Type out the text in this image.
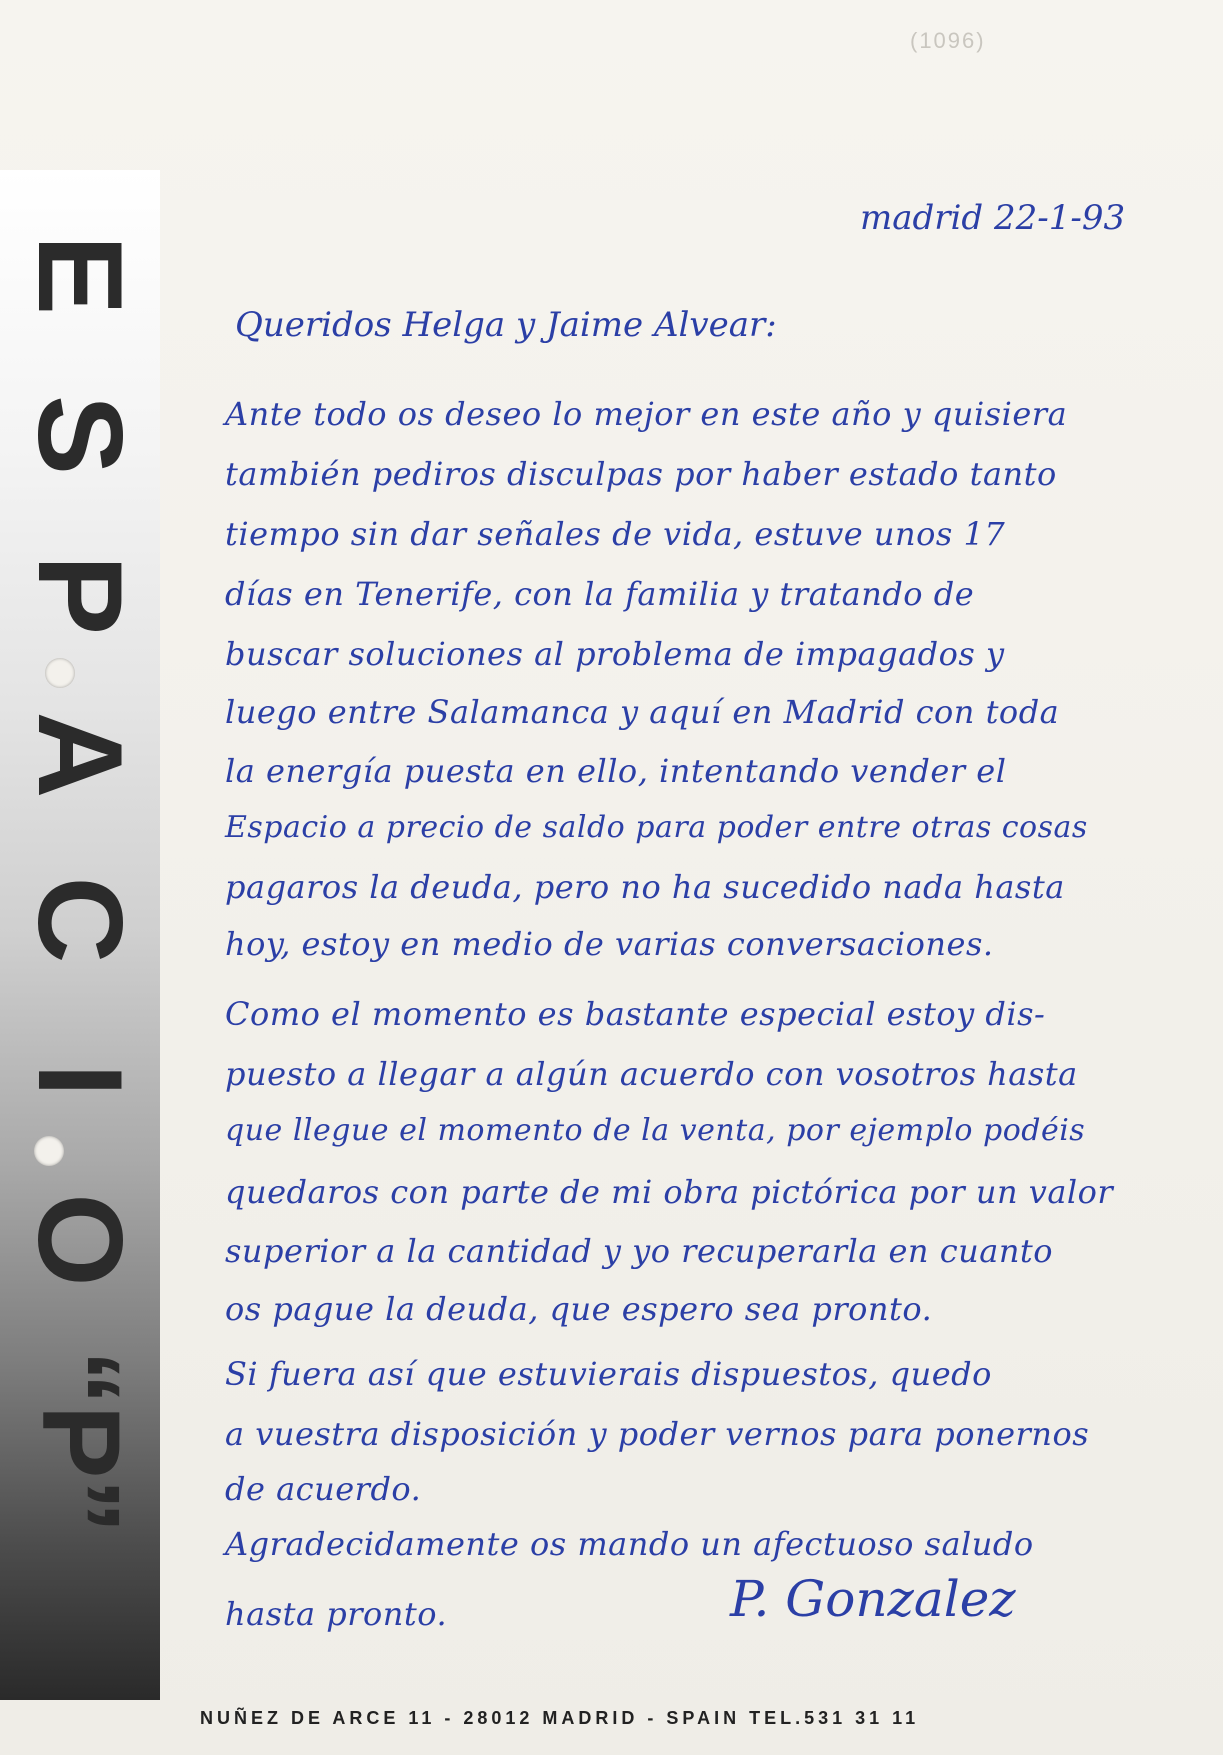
(1096)
E
S
P
A
C
I
O
“P”
madrid 22-1-93
Queridos Helga y Jaime Alvear:
Ante todo os deseo lo mejor en este año y quisiera
también pediros disculpas por haber estado tanto
tiempo sin dar señales de vida, estuve unos 17
días en Tenerife, con la familia y tratando de
buscar soluciones al problema de impagados y
luego entre Salamanca y aquí en Madrid con toda
la energía puesta en ello, intentando vender el
Espacio a precio de saldo para poder entre otras cosas
pagaros la deuda, pero no ha sucedido nada hasta
hoy, estoy en medio de varias conversaciones.
Como el momento es bastante especial estoy dis-
puesto a llegar a algún acuerdo con vosotros hasta
que llegue el momento de la venta, por ejemplo podéis
quedaros con parte de mi obra pictórica por un valor
superior a la cantidad y yo recuperarla en cuanto
os pague la deuda, que espero sea pronto.
Si fuera así que estuvierais dispuestos, quedo
a vuestra disposición y poder vernos para ponernos
de acuerdo.
Agradecidamente os mando un afectuoso saludo
hasta pronto.	P. Gonzalez
NUÑEZ DE ARCE 11 - 28012 MADRID - SPAIN TEL.531 31 11
